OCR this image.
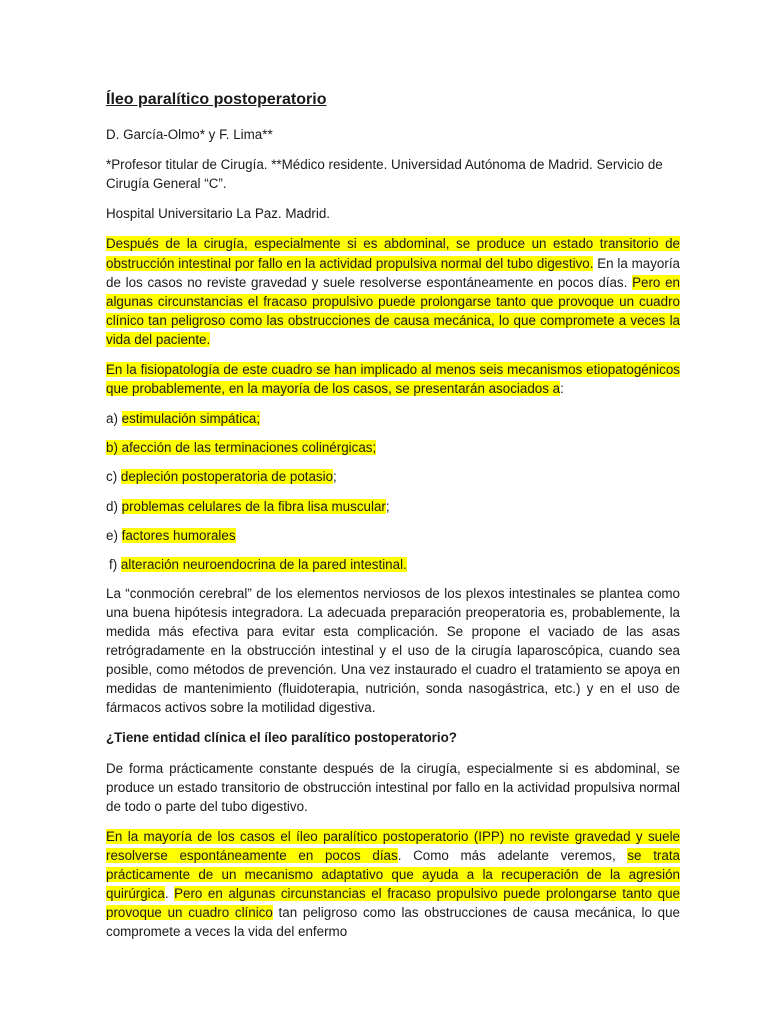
Íleo paralítico postoperatorio

D. García-Olmo* y F. Lima**

*Profesor titular de Cirugía. **Médico residente. Universidad Autónoma de Madrid. Servicio de Cirugía General “C”.

Hospital Universitario La Paz. Madrid.

Después de la cirugía, especialmente si es abdominal, se produce un estado transitorio de obstrucción intestinal por fallo en la actividad propulsiva normal del tubo digestivo. En la mayoría de los casos no reviste gravedad y suele resolverse espontáneamente en pocos días. Pero en algunas circunstancias el fracaso propulsivo puede prolongarse tanto que provoque un cuadro clínico tan peligroso como las obstrucciones de causa mecánica, lo que compromete a veces la vida del paciente.

En la fisiopatología de este cuadro se han implicado al menos seis mecanismos etiopatogénicos que probablemente, en la mayoría de los casos, se presentarán asociados a:

a) estimulación simpática;
b) afección de las terminaciones colinérgicas;
c) depleción postoperatoria de potasio;
d) problemas celulares de la fibra lisa muscular;
e) factores humorales
f) alteración neuroendocrina de la pared intestinal.

La “conmoción cerebral” de los elementos nerviosos de los plexos intestinales se plantea como una buena hipótesis integradora. La adecuada preparación preoperatoria es, probablemente, la medida más efectiva para evitar esta complicación. Se propone el vaciado de las asas retrógradamente en la obstrucción intestinal y el uso de la cirugía laparoscópica, cuando sea posible, como métodos de prevención. Una vez instaurado el cuadro el tratamiento se apoya en medidas de mantenimiento (fluidoterapia, nutrición, sonda nasogástrica, etc.) y en el uso de fármacos activos sobre la motilidad digestiva.

¿Tiene entidad clínica el íleo paralítico postoperatorio?

De forma prácticamente constante después de la cirugía, especialmente si es abdominal, se produce un estado transitorio de obstrucción intestinal por fallo en la actividad propulsiva normal de todo o parte del tubo digestivo.

En la mayoría de los casos el íleo paralítico postoperatorio (IPP) no reviste gravedad y suele resolverse espontáneamente en pocos días. Como más adelante veremos, se trata prácticamente de un mecanismo adaptativo que ayuda a la recuperación de la agresión quirúrgica. Pero en algunas circunstancias el fracaso propulsivo puede prolongarse tanto que provoque un cuadro clínico tan peligroso como las obstrucciones de causa mecánica, lo que compromete a veces la vida del enfermo
